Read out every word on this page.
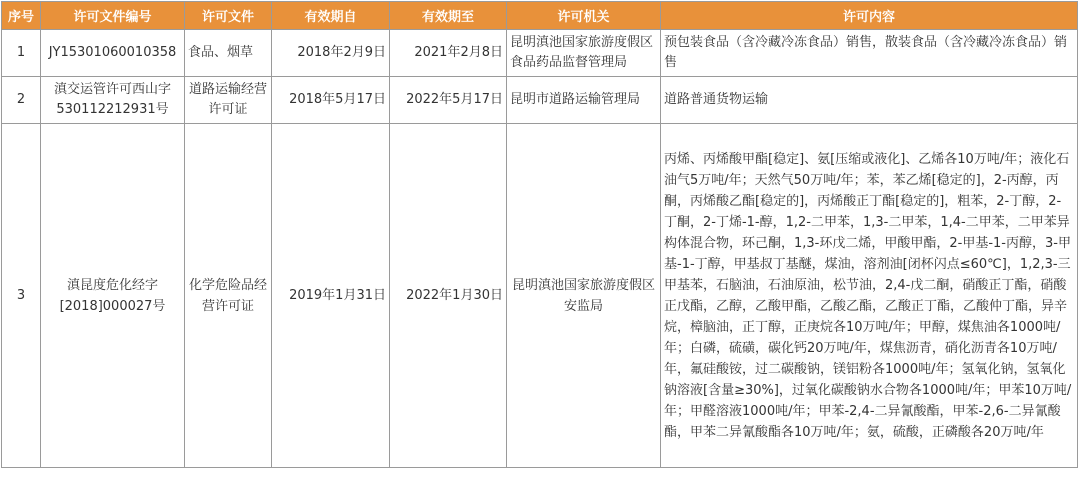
序号	许可文件编号	许可文件	有效期自	有效期至	许可机关	许可内容
1	JY15301060010358	食品、烟草	2018年2月9日	2021年2月8日	昆明滇池国家旅游度假区食品药品监督管理局	预包装食品（含冷藏冷冻食品）销售，散装食品（含冷藏冷冻食品）销售
2	滇交运管许可西山字530112212931号	道路运输经营许可证	2018年5月17日	2022年5月17日	昆明市道路运输管理局	道路普通货物运输
3	滇昆度危化经字[2018]000027号	化学危险品经营许可证	2019年1月31日	2022年1月30日	昆明滇池国家旅游度假区安监局	丙烯、丙烯酸甲酯[稳定]、氨[压缩或液化]、乙烯各10万吨/年；液化石油气5万吨/年；天然气50万吨/年；苯，苯乙烯[稳定的]，2-丙醇，丙酮，丙烯酸乙酯[稳定的]，丙烯酸正丁酯[稳定的]，粗苯，2-丁醇，2-丁酮，2-丁烯-1-醇，1,2-二甲苯，1,3-二甲苯，1,4-二甲苯，二甲苯异构体混合物，环己酮，1,3-环戊二烯，甲酸甲酯，2-甲基-1-丙醇，3-甲基-1-丁醇，甲基叔丁基醚，煤油，溶剂油[闭杯闪点≤60℃]，1,2,3-三甲基苯，石脑油，石油原油，松节油，2,4-戊二酮，硝酸正丁酯，硝酸正戊酯，乙醇，乙酸甲酯，乙酸乙酯，乙酸正丁酯，乙酸仲丁酯，异辛烷，樟脑油，正丁醇，正庚烷各10万吨/年；甲醇，煤焦油各1000吨/年；白磷，硫磺，碳化钙20万吨/年，煤焦沥青，硝化沥青各10万吨/年，氟硅酸铵，过二碳酸钠，镁铝粉各1000吨/年；氢氧化钠，氢氧化钠溶液[含量≥30%]，过氧化碳酸钠水合物各1000吨/年；甲苯10万吨/年；甲醛溶液1000吨/年；甲苯-2,4-二异氰酸酯，甲苯-2,6-二异氰酸酯，甲苯二异氰酸酯各10万吨/年；氨，硫酸，正磷酸各20万吨/年
